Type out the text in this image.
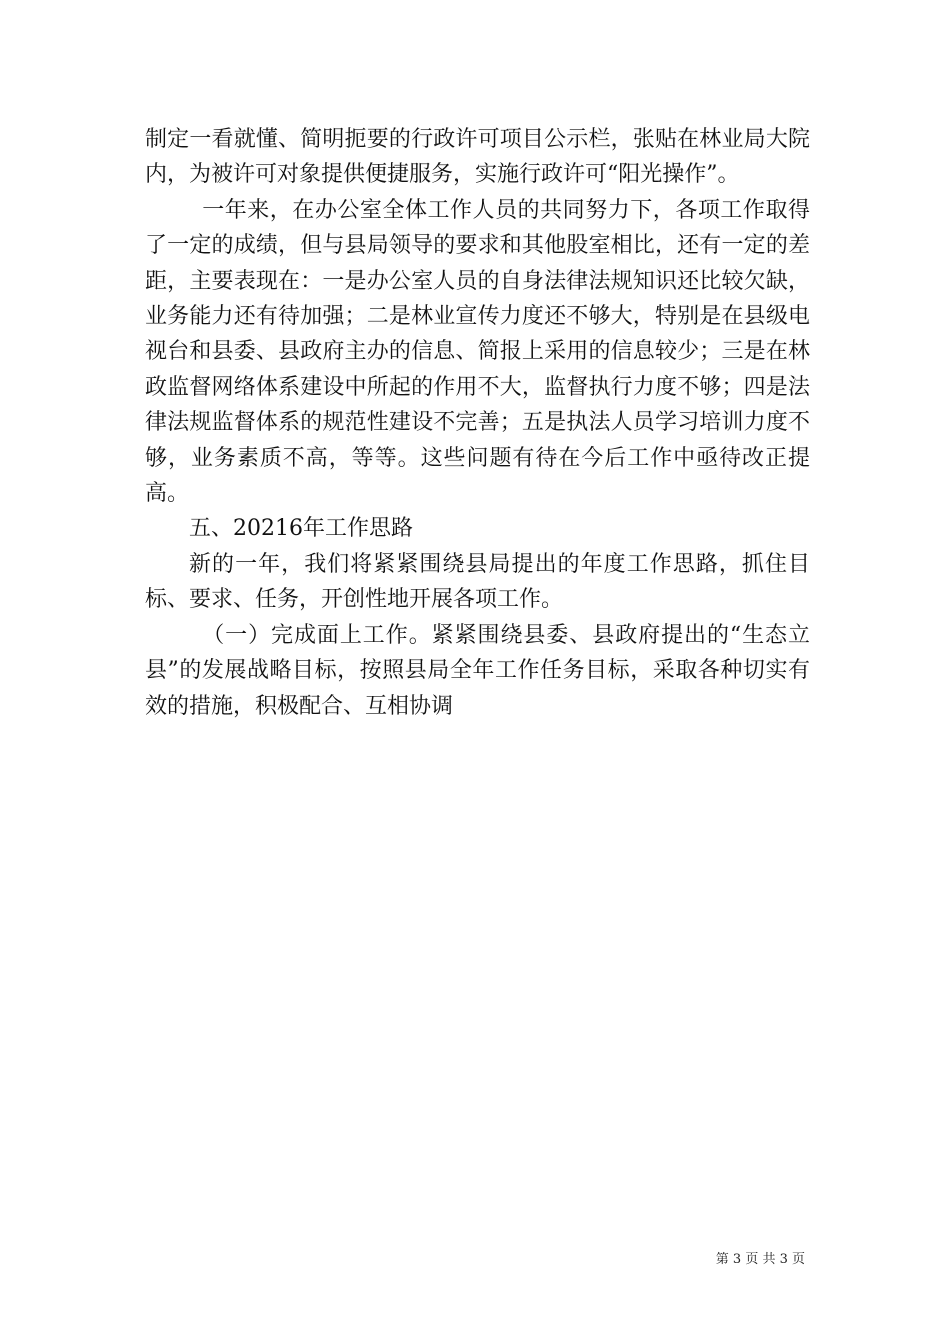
制定一看就懂、简明扼要的行政许可项目公示栏，张贴在林业局大院内，为被许可对象提供便捷服务，实施行政许可“阳光操作”。

一年来，在办公室全体工作人员的共同努力下，各项工作取得了一定的成绩，但与县局领导的要求和其他股室相比，还有一定的差距，主要表现在：一是办公室人员的自身法律法规知识还比较欠缺，业务能力还有待加强；二是林业宣传力度还不够大，特别是在县级电视台和县委、县政府主办的信息、简报上采用的信息较少；三是在林政监督网络体系建设中所起的作用不大，监督执行力度不够；四是法律法规监督体系的规范性建设不完善；五是执法人员学习培训力度不够，业务素质不高，等等。这些问题有待在今后工作中亟待改正提高。

五、20216年工作思路

新的一年，我们将紧紧围绕县局提出的年度工作思路，抓住目标、要求、任务，开创性地开展各项工作。

（一）完成面上工作。紧紧围绕县委、县政府提出的“生态立县”的发展战略目标，按照县局全年工作任务目标，采取各种切实有效的措施，积极配合、互相协调

第 3 页 共 3 页
